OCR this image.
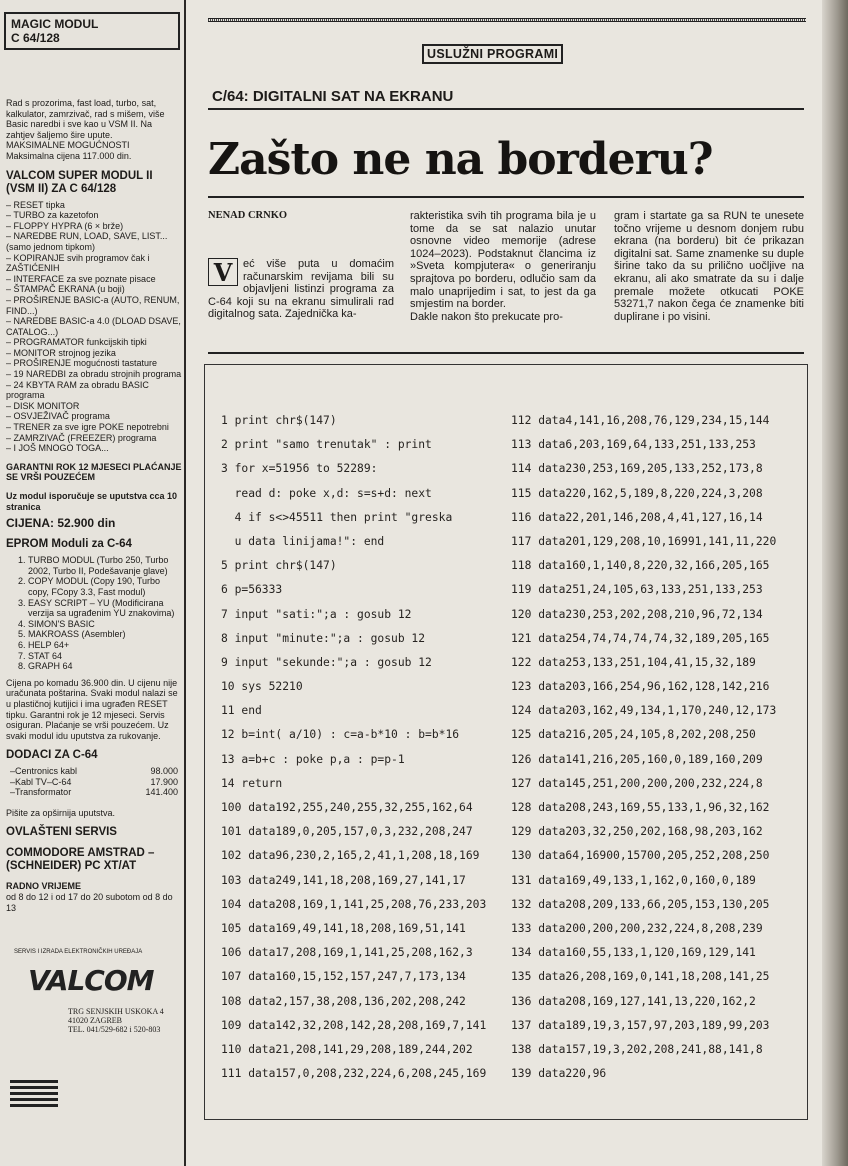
MAGIC MODUL
C 64/128
Rad s prozorima, fast load, turbo, sat, kalkulator, zamrzivač, rad s mišem, više Basic naredbi i sve kao u VSM II. Na zahtjev šaljemo šire upute.
MAKSIMALNE MOGUĆNOSTI
Maksimalna cijena 117.000 din.
VALCOM SUPER MODUL II (VSM II) ZA C 64/128
– RESET tipka
– TURBO za kazetofon
– FLOPPY HYPRA (6 × brže)
– NAREDBE RUN, LOAD, SAVE, LIST... (samo jednom tipkom)
– KOPIRANJE svih programov čak i ZAŠTIĆENIH
– INTERFACE za sve poznate pisace
– ŠTAMPAČ EKRANA (u boji)
– PROŠIRENJE BASIC-a (AUTO, RENUM, FIND...)
– NAREDBE BASIC-a 4.0 (DLOAD DSAVE, CATALOG...)
– PROGRAMATOR funkcijskih tipki
– MONITOR strojnog jezika
– PROŠIRENJE mogućnosti tastature
– 19 NAREDBI za obradu strojnih programa
– 24 KBYTA RAM za obradu BASIC programa
– DISK MONITOR
– OSVJEŽIVAČ programa
– TRENER za sve igre POKE nepotrebni
– ZAMRZIVAČ (FREEZER) programa
– I JOŠ MNOGO TOGA...
GARANTNI ROK 12 MJESECI PLAĆANJE SE VRŠI POUZEĆEM
Uz modul isporučuje se uputstva cca 10 stranica
CIJENA: 52.900 din
EPROM Moduli za C-64
1. TURBO MODUL (Turbo 250, Turbo 2002, Turbo II, Podešavanje glave)
2. COPY MODUL (Copy 190, Turbo copy, FCopy 3.3, Fast modul)
3. EASY SCRIPT – YU (Modificirana verzija sa ugrađenim YU znakovima)
4. SIMON'S BASIC
5. MAKROASS (Asembler)
6. HELP 64+
7. STAT 64
8. GRAPH 64
Cijena po komadu 36.900 din. U cijenu nije uračunata poštarina. Svaki modul nalazi se u plastičnoj kutijici i ima ugrađen RESET tipku. Garantni rok je 12 mjeseci. Servis osiguran. Plaćanje se vrši pouzećem. Uz svaki modul idu uputstva za rukovanje.
DODACI ZA C-64
–Centronics kabl	98.000
–Kabl TV–C-64	17.900
–Transformator	141.400
Pišite za opširnija uputstva.
OVLAŠTENI SERVIS
COMMODORE AMSTRAD – (SCHNEIDER) PC XT/AT
RADNO VRIJEME
od 8 do 12 i od 17 do 20 subotom od 8 do 13
SERVIS I IZRADA ELEKTRONIČKIH UREĐAJA
VALCOM
TRG SENJSKIH USKOKA 4
41020 ZAGREB
TEL. 041/529-682 i 520-803
USLUŽNI PROGRAMI
C/64: DIGITALNI SAT NA EKRANU
Zašto ne na borderu?
NENAD CRNKO
V eć više puta u domaćim računarskim revijama bili su objavljeni listinzi programa za C-64 koji su na ekranu simulirali rad digitalnog sata. Zajednička ka-
rakteristika svih tih programa bila je u tome da se sat nalazio unutar osnovne video memorije (adrese 1024–2023). Podstaknut člancima iz »Sveta kompjutera« o generiranju sprajtova po borderu, odlučio sam da malo unaprijedim i sat, to jest da ga smjestim na border.
Dakle nakon što prekucate pro-
gram i startate ga sa RUN te unesete točno vrijeme u desnom donjem rubu ekrana (na borderu) bit će prikazan digitalni sat. Same znamenke su duple širine tako da su prilično uočljive na ekranu, ali ako smatrate da su i dalje premale možete otkucati POKE 53271,7 nakon čega će znamenke biti duplirane i po visini.
1 print chr$(147)
2 print "samo trenutak" : print
3 for x=51956 to 52289:
read d: poke x,d: s=s+d: next
4 if s<>45511 then print "greska
u data linijama!": end
5 print chr$(147)
6 p=56333
7 input "sati:";a : gosub 12
8 input "minute:";a : gosub 12
9 input "sekunde:";a : gosub 12
10 sys 52210
11 end
12 b=int( a/10) : c=a-b*10 : b=b*16
13 a=b+c : poke p,a : p=p-1
14 return
100 data192,255,240,255,32,255,162,64
101 data189,0,205,157,0,3,232,208,247
102 data96,230,2,165,2,41,1,208,18,169
103 data249,141,18,208,169,27,141,17
104 data208,169,1,141,25,208,76,233,203
105 data169,49,141,18,208,169,51,141
106 data17,208,169,1,141,25,208,162,3
107 data160,15,152,157,247,7,173,134
108 data2,157,38,208,136,202,208,242
109 data142,32,208,142,28,208,169,7,141
110 data21,208,141,29,208,189,244,202
111 data157,0,208,232,224,6,208,245,169
112 data4,141,16,208,76,129,234,15,144
113 data6,203,169,64,133,251,133,253
114 data230,253,169,205,133,252,173,8
115 data220,162,5,189,8,220,224,3,208
116 data22,201,146,208,4,41,127,16,14
117 data201,129,208,10,16991,141,11,220
118 data160,1,140,8,220,32,166,205,165
119 data251,24,105,63,133,251,133,253
120 data230,253,202,208,210,96,72,134
121 data254,74,74,74,74,32,189,205,165
122 data253,133,251,104,41,15,32,189
123 data203,166,254,96,162,128,142,216
124 data203,162,49,134,1,170,240,12,173
125 data216,205,24,105,8,202,208,250
126 data141,216,205,160,0,189,160,209
127 data145,251,200,200,200,232,224,8
128 data208,243,169,55,133,1,96,32,162
129 data203,32,250,202,168,98,203,162
130 data64,16900,15700,205,252,208,250
131 data169,49,133,1,162,0,160,0,189
132 data208,209,133,66,205,153,130,205
133 data200,200,200,232,224,8,208,239
134 data160,55,133,1,120,169,129,141
135 data26,208,169,0,141,18,208,141,25
136 data208,169,127,141,13,220,162,2
137 data189,19,3,157,97,203,189,99,203
138 data157,19,3,202,208,241,88,141,8
139 data220,96
